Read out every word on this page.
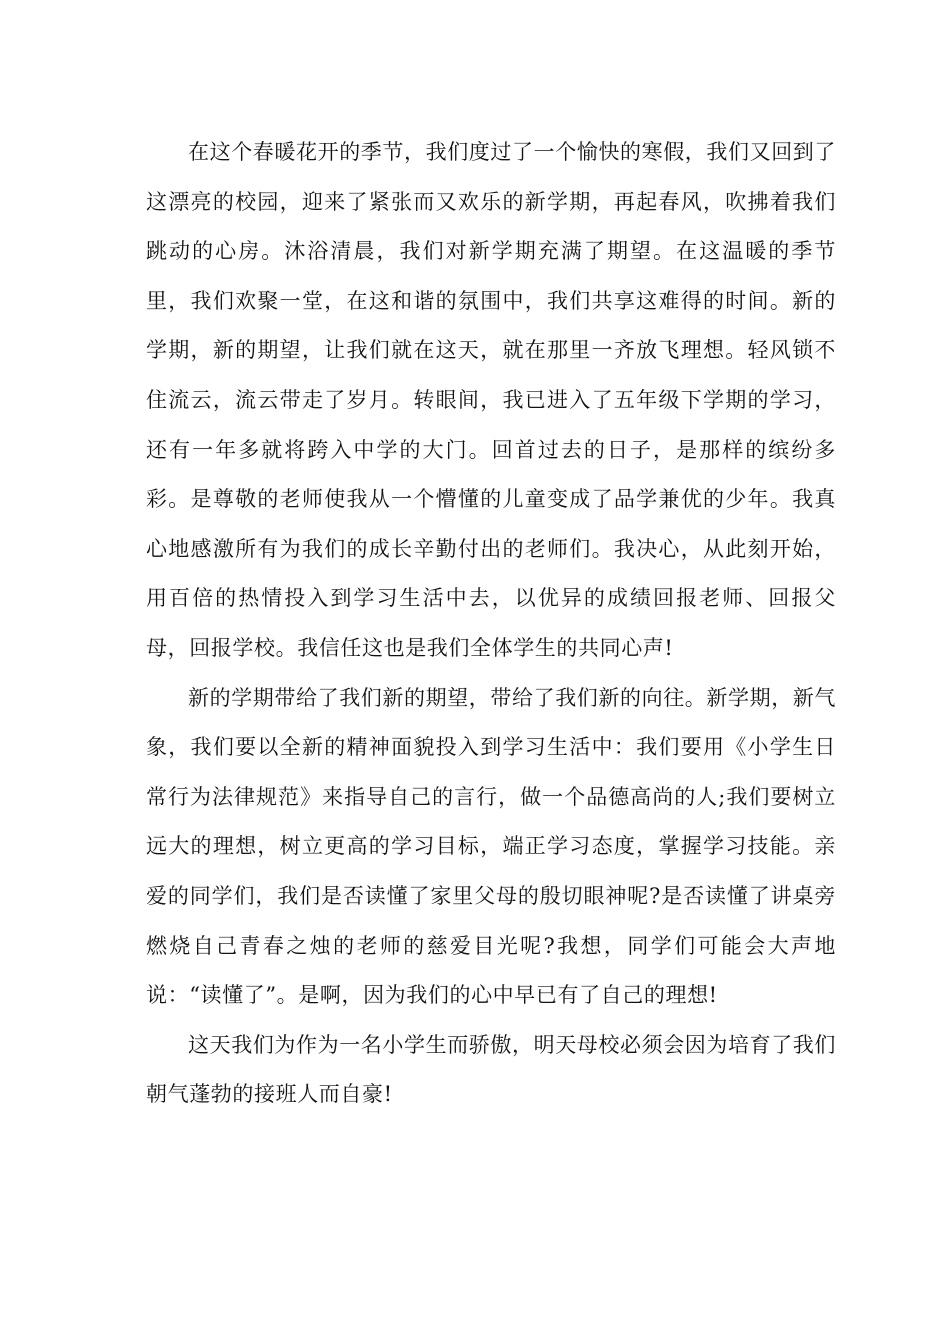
在这个春暖花开的季节，我们度过了一个愉快的寒假，我们又回到了这漂亮的校园，迎来了紧张而又欢乐的新学期，再起春风，吹拂着我们跳动的心房。沐浴清晨，我们对新学期充满了期望。在这温暖的季节里，我们欢聚一堂，在这和谐的氛围中，我们共享这难得的时间。新的学期，新的期望，让我们就在这天，就在那里一齐放飞理想。轻风锁不住流云，流云带走了岁月。转眼间，我已进入了五年级下学期的学习，还有一年多就将跨入中学的大门。回首过去的日子，是那样的缤纷多彩。是尊敬的老师使我从一个懵懂的儿童变成了品学兼优的少年。我真心地感激所有为我们的成长辛勤付出的老师们。我决心，从此刻开始，用百倍的热情投入到学习生活中去，以优异的成绩回报老师、回报父母，回报学校。我信任这也是我们全体学生的共同心声!

新的学期带给了我们新的期望，带给了我们新的向往。新学期，新气象，我们要以全新的精神面貌投入到学习生活中：我们要用《小学生日常行为法律规范》来指导自己的言行，做一个品德高尚的人;我们要树立远大的理想，树立更高的学习目标，端正学习态度，掌握学习技能。亲爱的同学们，我们是否读懂了家里父母的殷切眼神呢?是否读懂了讲桌旁燃烧自己青春之烛的老师的慈爱目光呢?我想，同学们可能会大声地说：“读懂了”。是啊，因为我们的心中早已有了自己的理想!

这天我们为作为一名小学生而骄傲，明天母校必须会因为培育了我们朝气蓬勃的接班人而自豪!
